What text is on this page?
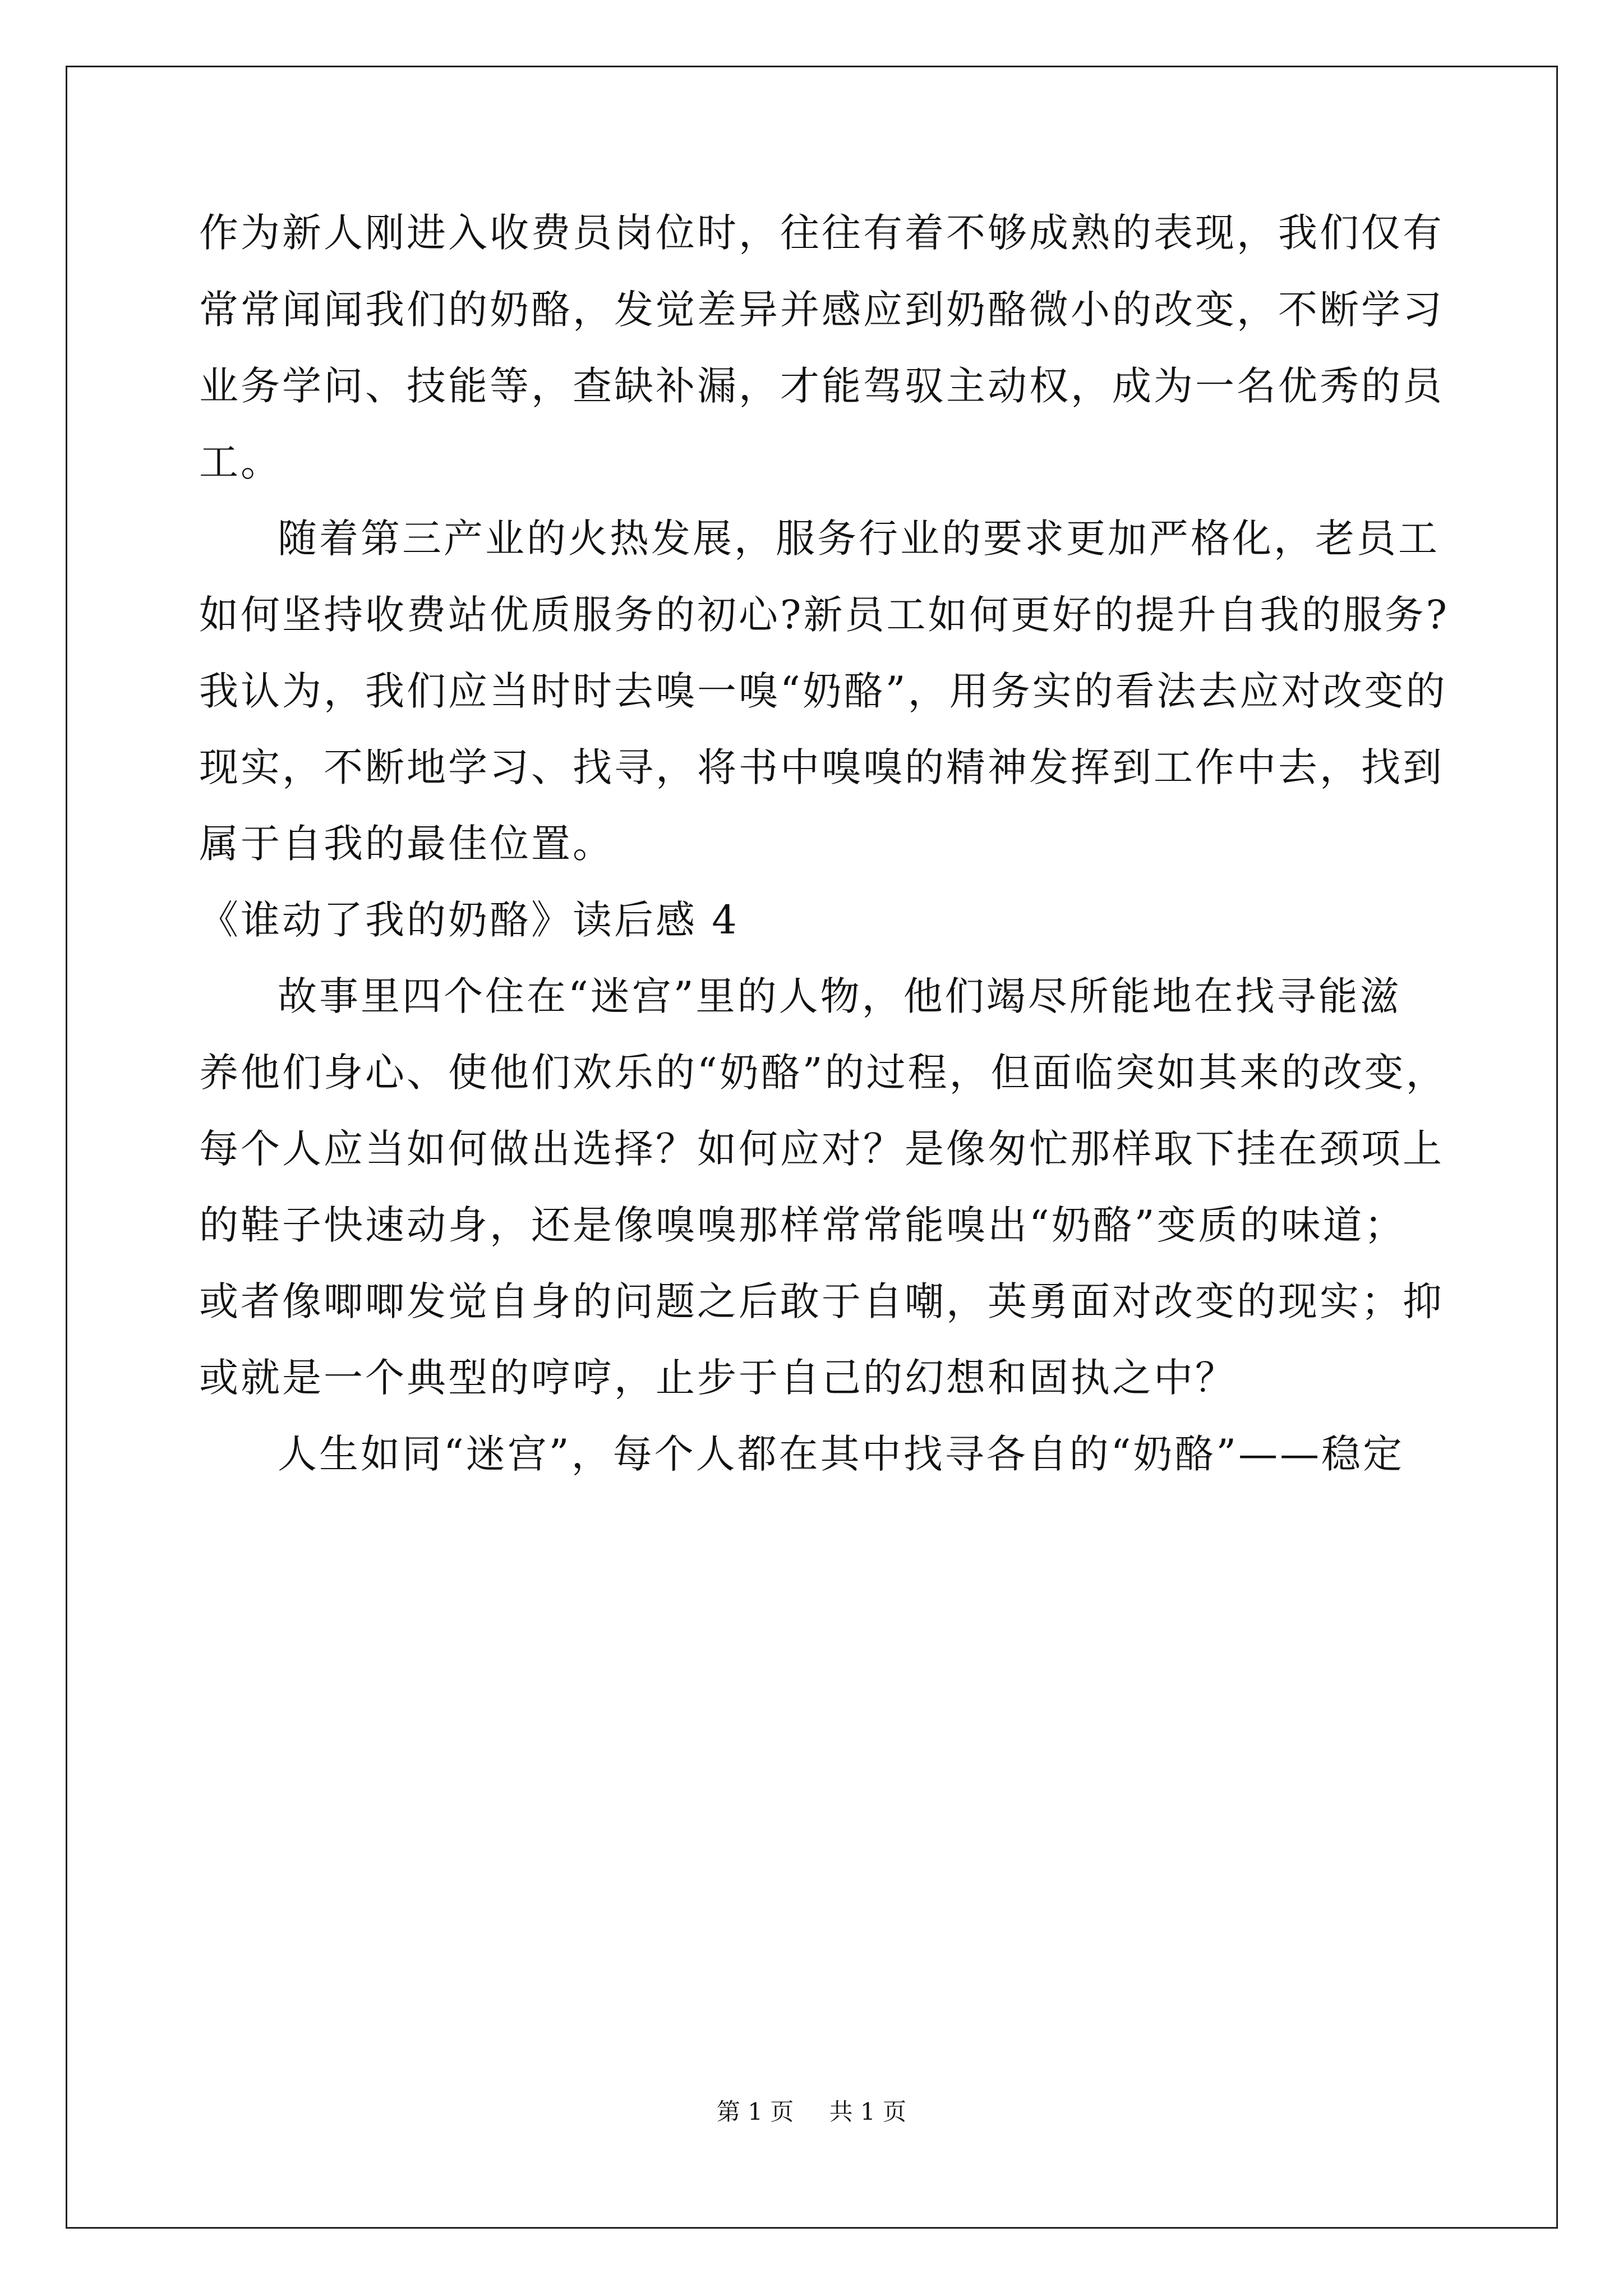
作为新人刚进入收费员岗位时，往往有着不够成熟的表现，我们仅有
常常闻闻我们的奶酪，发觉差异并感应到奶酪微小的改变，不断学习
业务学问、技能等，查缺补漏，才能驾驭主动权，成为一名优秀的员
工。
随着第三产业的火热发展，服务行业的要求更加严格化，老员工
如何坚持收费站优质服务的初心?新员工如何更好的提升自我的服务?
我认为，我们应当时时去嗅一嗅“奶酪”，用务实的看法去应对改变的
现实，不断地学习、找寻，将书中嗅嗅的精神发挥到工作中去，找到
属于自我的最佳位置。
《谁动了我的奶酪》读后感 4
故事里四个住在“迷宫”里的人物，他们竭尽所能地在找寻能滋
养他们身心、使他们欢乐的“奶酪”的过程，但面临突如其来的改变，
每个人应当如何做出选择？如何应对？是像匆忙那样取下挂在颈项上
的鞋子快速动身，还是像嗅嗅那样常常能嗅出“奶酪”变质的味道；
或者像唧唧发觉自身的问题之后敢于自嘲，英勇面对改变的现实；抑
或就是一个典型的哼哼，止步于自己的幻想和固执之中？
人生如同“迷宫”，每个人都在其中找寻各自的“奶酪”——稳定
第 1 页 共 1 页
